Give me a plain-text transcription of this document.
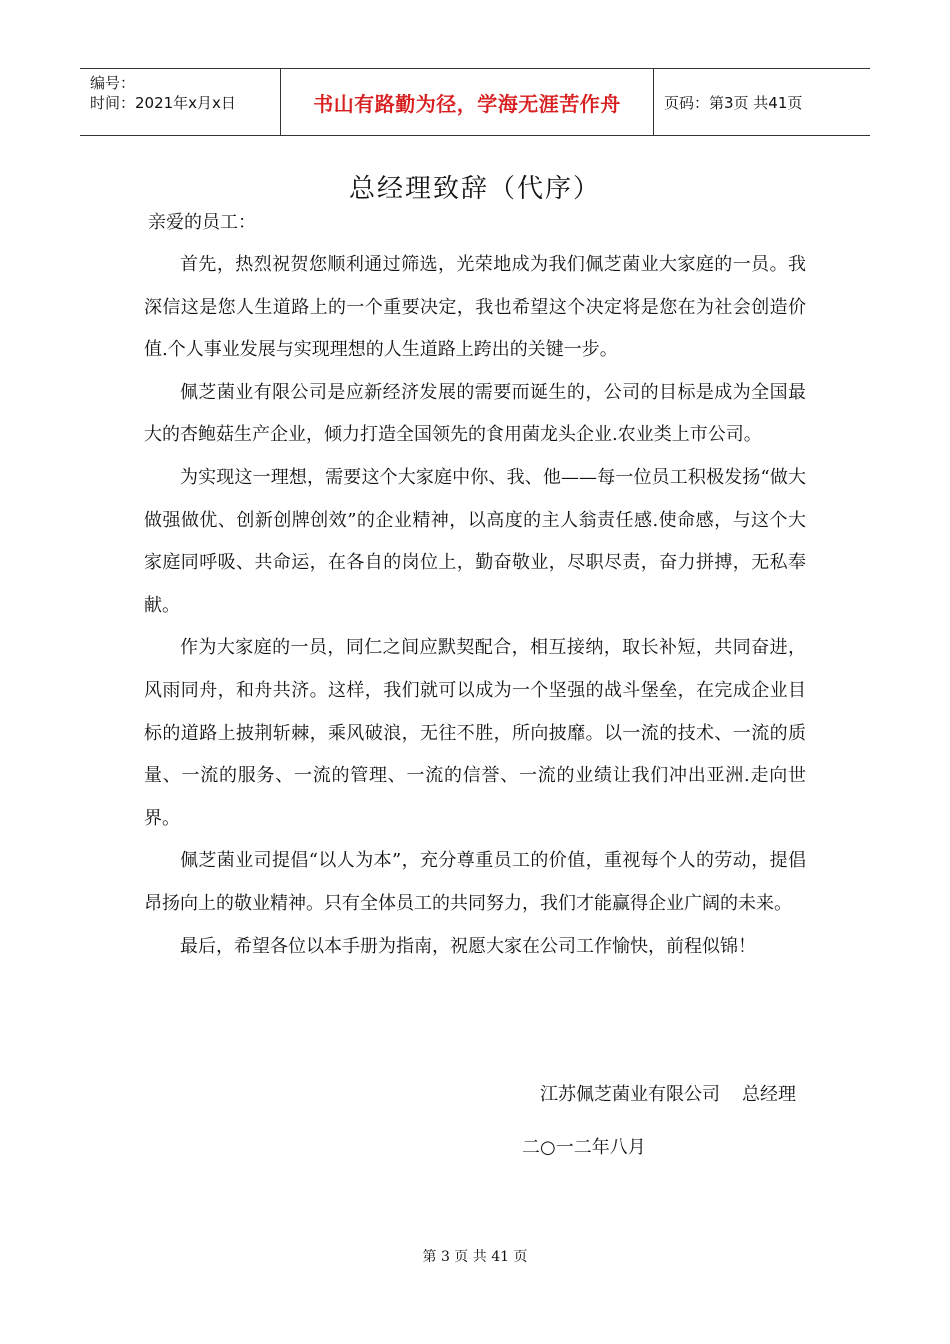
编号：
时间：2021年x月x日	书山有路勤为径，学海无涯苦作舟	页码：第3页 共41页
总经理致辞（代序）
亲爱的员工：

首先，热烈祝贺您顺利通过筛选，光荣地成为我们佩芝菌业大家庭的一员。我深信这是您人生道路上的一个重要决定，我也希望这个决定将是您在为社会创造价值.个人事业发展与实现理想的人生道路上跨出的关键一步。

佩芝菌业有限公司是应新经济发展的需要而诞生的，公司的目标是成为全国最大的杏鲍菇生产企业，倾力打造全国领先的食用菌龙头企业.农业类上市公司。

为实现这一理想，需要这个大家庭中你、我、他——每一位员工积极发扬“做大做强做优、创新创牌创效”的企业精神，以高度的主人翁责任感.使命感，与这个大家庭同呼吸、共命运，在各自的岗位上，勤奋敬业，尽职尽责，奋力拼搏，无私奉献。

作为大家庭的一员，同仁之间应默契配合，相互接纳，取长补短，共同奋进，风雨同舟，和舟共济。这样，我们就可以成为一个坚强的战斗堡垒，在完成企业目标的道路上披荆斩棘，乘风破浪，无往不胜，所向披靡。以一流的技术、一流的质量、一流的服务、一流的管理、一流的信誉、一流的业绩让我们冲出亚洲.走向世界。

佩芝菌业司提倡“以人为本”，充分尊重员工的价值，重视每个人的劳动，提倡昂扬向上的敬业精神。只有全体员工的共同努力，我们才能赢得企业广阔的未来。

最后，希望各位以本手册为指南，祝愿大家在公司工作愉快，前程似锦！

江苏佩芝菌业有限公司 总经理
二○一二年八月
第 3 页 共 41 页
